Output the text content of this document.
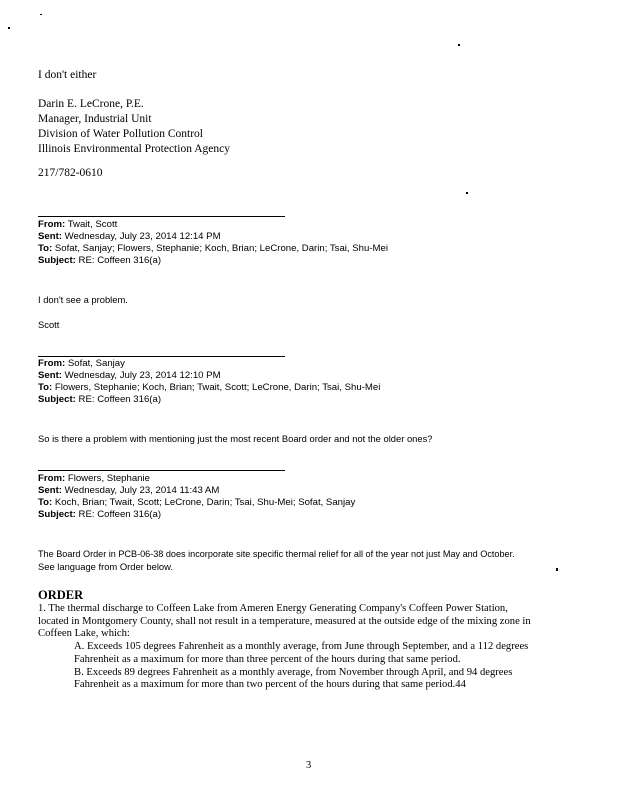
I don't either
Darin E. LeCrone, P.E.
Manager, Industrial Unit
Division of Water Pollution Control
Illinois Environmental Protection Agency
217/782-0610
From: Twait, Scott
Sent: Wednesday, July 23, 2014 12:14 PM
To: Sofat, Sanjay; Flowers, Stephanie; Koch, Brian; LeCrone, Darin; Tsai, Shu-Mei
Subject: RE: Coffeen 316(a)
I don't see a problem.
Scott
From: Sofat, Sanjay
Sent: Wednesday, July 23, 2014 12:10 PM
To: Flowers, Stephanie; Koch, Brian; Twait, Scott; LeCrone, Darin; Tsai, Shu-Mei
Subject: RE: Coffeen 316(a)
So is there a problem with mentioning just the most recent Board order and not the older ones?
From: Flowers, Stephanie
Sent: Wednesday, July 23, 2014 11:43 AM
To: Koch, Brian; Twait, Scott; LeCrone, Darin; Tsai, Shu-Mei; Sofat, Sanjay
Subject: RE: Coffeen 316(a)
The Board Order in PCB-06-38 does incorporate site specific thermal relief for all of the year not just May and October.
See language from Order below.
ORDER
1. The thermal discharge to Coffeen Lake from Ameren Energy Generating Company's Coffeen Power Station,
located in Montgomery County, shall not result in a temperature, measured at the outside edge of the mixing zone in
Coffeen Lake, which:
A. Exceeds 105 degrees Fahrenheit as a monthly average, from June through September, and a 112 degrees
Fahrenheit as a maximum for more than three percent of the hours during that same period.
B. Exceeds 89 degrees Fahrenheit as a monthly average, from November through April, and 94 degrees
Fahrenheit as a maximum for more than two percent of the hours during that same period.44
3
